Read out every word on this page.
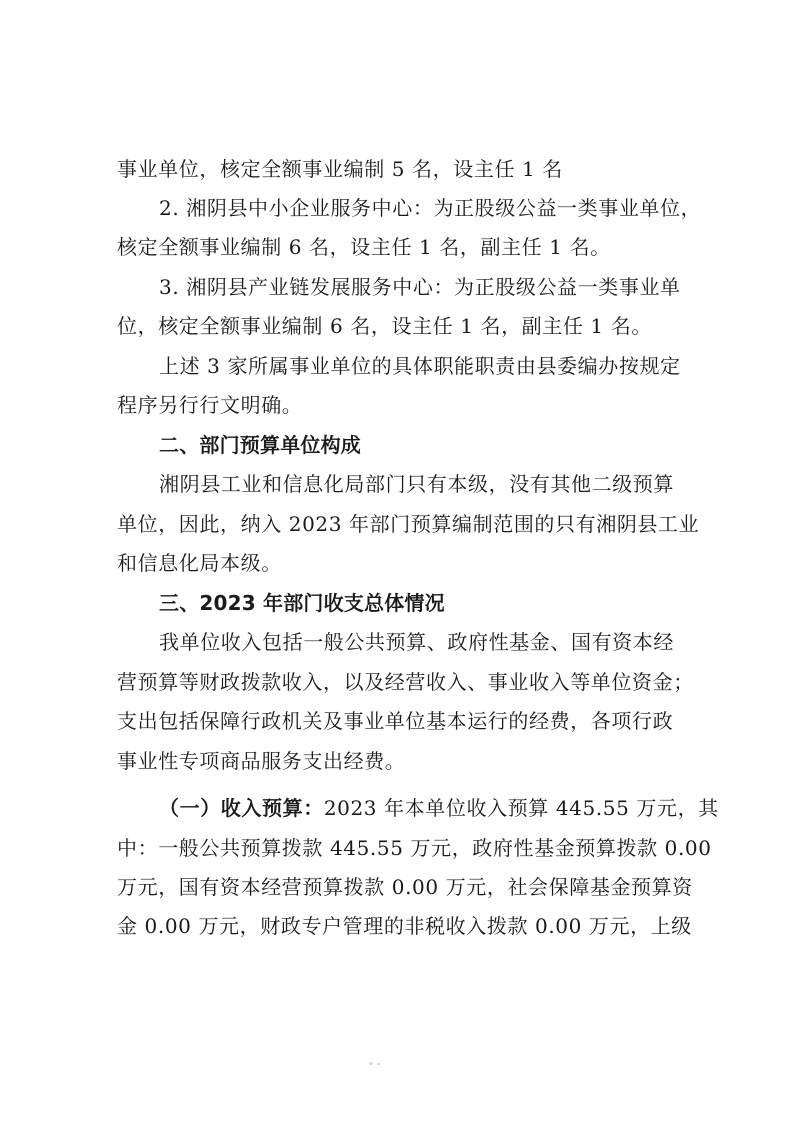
事业单位，核定全额事业编制 5 名，设主任 1 名
2. 湘阴县中小企业服务中心：为正股级公益一类事业单位，
核定全额事业编制 6 名，设主任 1 名，副主任 1 名。
3. 湘阴县产业链发展服务中心：为正股级公益一类事业单
位，核定全额事业编制 6 名，设主任 1 名，副主任 1 名。
上述 3 家所属事业单位的具体职能职责由县委编办按规定
程序另行行文明确。
二、部门预算单位构成
湘阴县工业和信息化局部门只有本级，没有其他二级预算
单位，因此，纳入 2023 年部门预算编制范围的只有湘阴县工业
和信息化局本级。
三、2023 年部门收支总体情况
我单位收入包括一般公共预算、政府性基金、国有资本经
营预算等财政拨款收入，以及经营收入、事业收入等单位资金；
支出包括保障行政机关及事业单位基本运行的经费，各项行政
事业性专项商品服务支出经费。
（一）收入预算：2023 年本单位收入预算 445.55 万元，其
中：一般公共预算拨款 445.55 万元，政府性基金预算拨款 0.00
万元，国有资本经营预算拨款 0.00 万元，社会保障基金预算资
金 0.00 万元，财政专户管理的非税收入拨款 0.00 万元，上级
